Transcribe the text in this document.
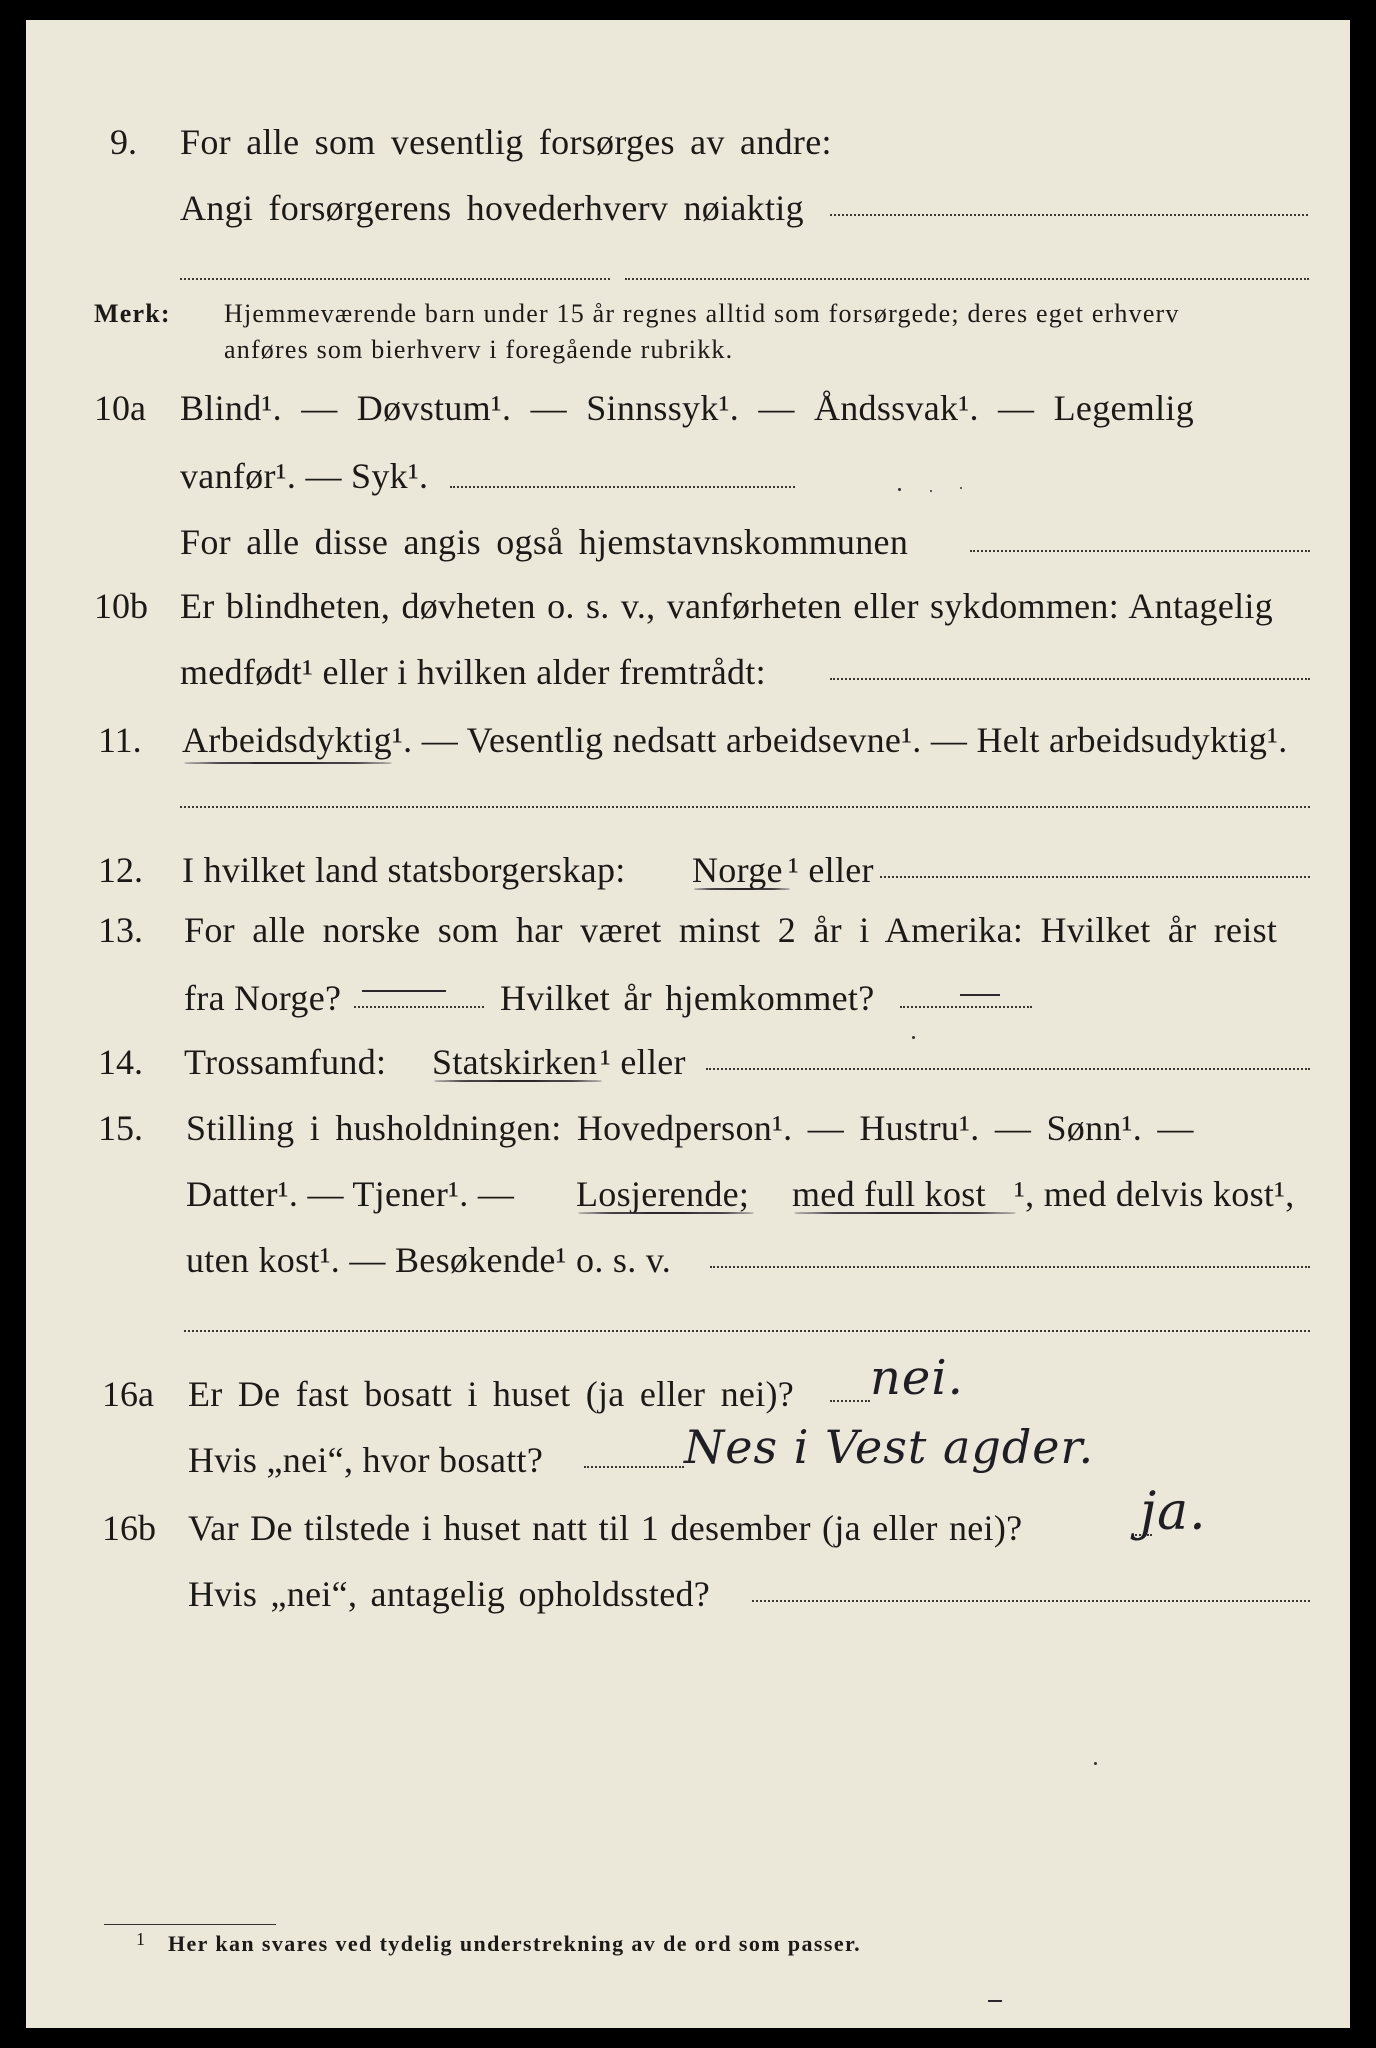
9. For alle som vesentlig forsørges av andre:
Angi forsørgerens hovederhverv nøiaktig
Merk: Hjemmeværende barn under 15 år regnes alltid som forsørgede; deres eget erhverv
anføres som bierhverv i foregående rubrikk.
10a Blind¹. — Døvstum¹. — Sinnssyk¹. — Åndssvak¹. — Legemlig
vanfør¹. — Syk¹.
For alle disse angis også hjemstavnskommunen
10b Er blindheten, døvheten o. s. v., vanførheten eller sykdommen: Antagelig
medfødt¹ eller i hvilken alder fremtrådt:
11. Arbeidsdyktig ¹. — Vesentlig nedsatt arbeidsevne¹. — Helt arbeidsudyktig¹.
12. I hvilket land statsborgerskap: Norge ¹ eller
13. For alle norske som har været minst 2 år i Amerika: Hvilket år reist
fra Norge?	Hvilket år hjemkommet?
14. Trossamfund: Statskirken ¹ eller
15. Stilling i husholdningen: Hovedperson¹. — Hustru¹. — Sønn¹. —
Datter¹. — Tjener¹. — Losjerende; med full kost ¹, med delvis kost¹,
uten kost¹. — Besøkende¹ o. s. v.
16a Er De fast bosatt i huset (ja eller nei)? nei.
Hvis „nei“, hvor bosatt?	Nes i Vest agder.
16b Var De tilstede i huset natt til 1 desember (ja eller nei)? ja.
Hvis „nei“, antagelig opholdssted?
1 Her kan svares ved tydelig understrekning av de ord som passer.
